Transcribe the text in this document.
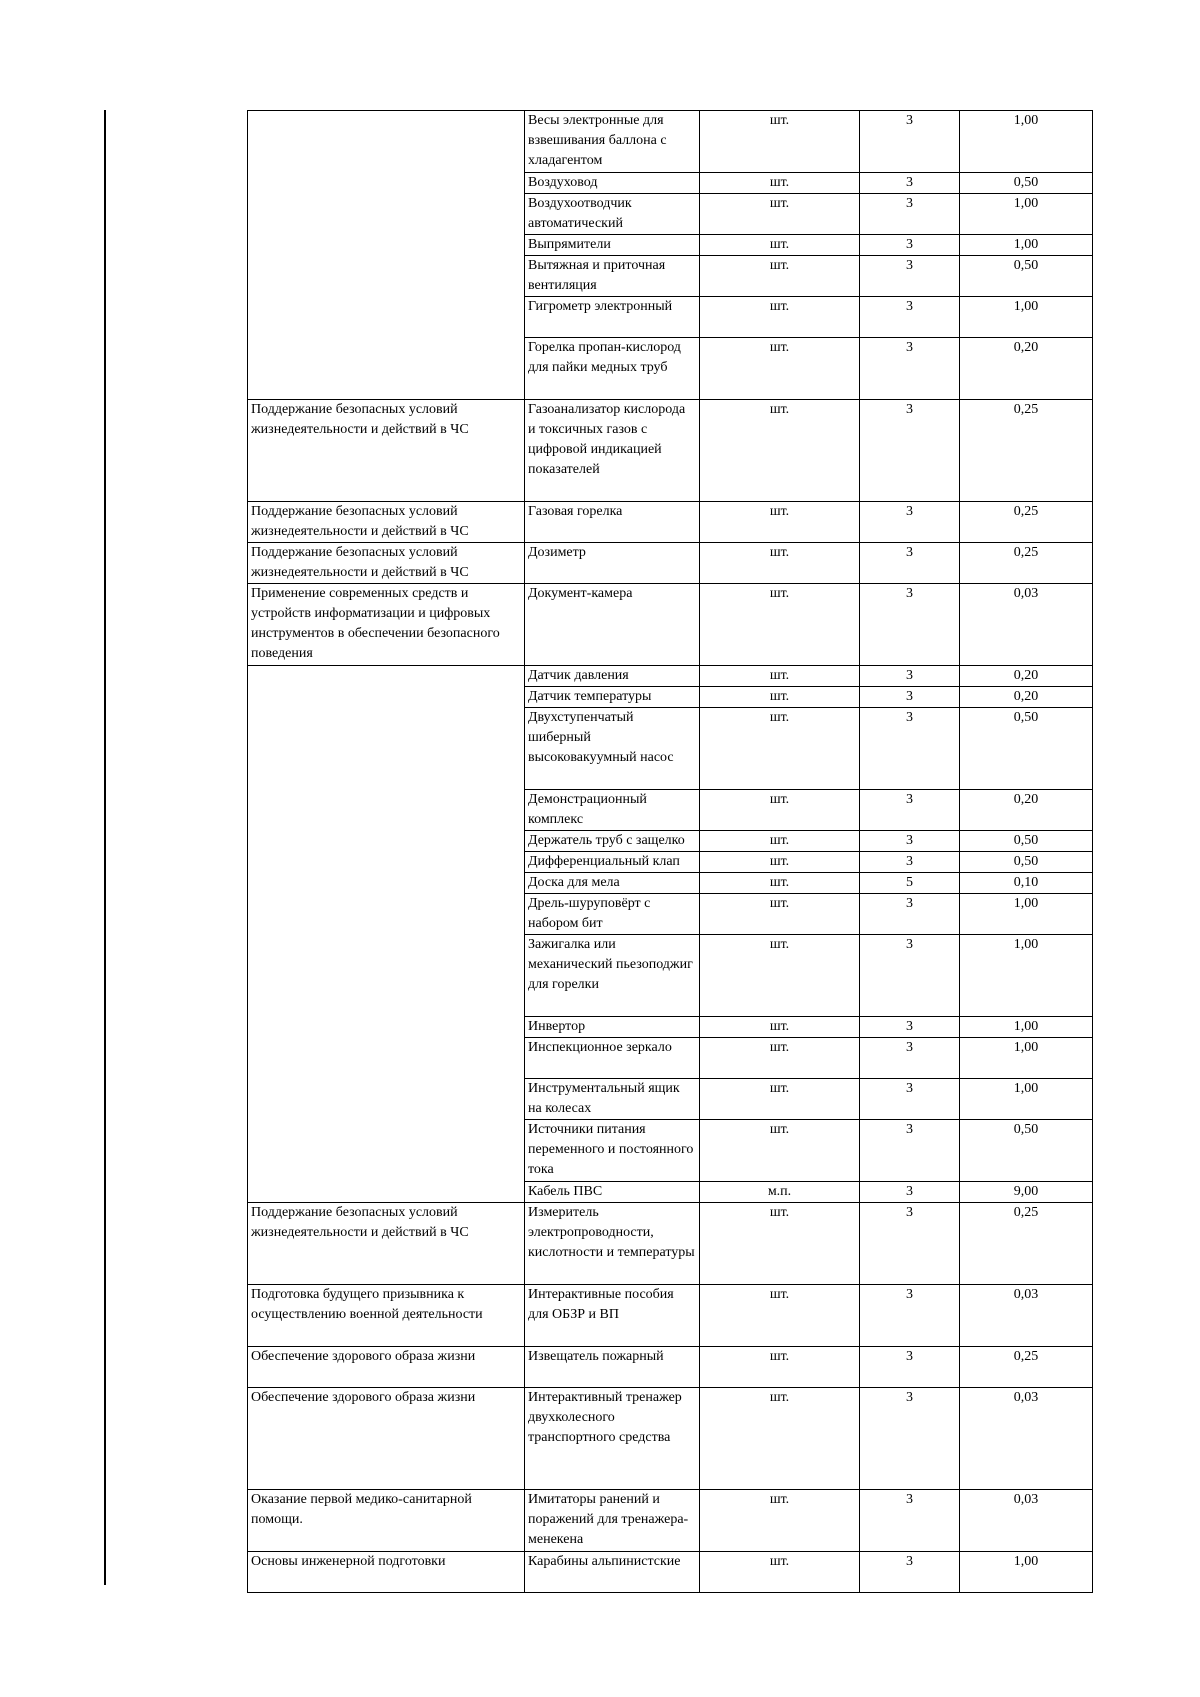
	Весы электронные для взвешивания баллона с хладагентом	шт.	3	1,00
	Воздуховод	шт.	3	0,50
	Воздухоотводчик автоматический	шт.	3	1,00
	Выпрямители	шт.	3	1,00
	Вытяжная и приточная вентиляция	шт.	3	0,50
	Гигрометр электронный	шт.	3	1,00
	Горелка пропан-кислород для пайки медных труб	шт.	3	0,20
Поддержание безопасных условий жизнедеятельности и действий в ЧС	Газоанализатор кислорода и токсичных газов с цифровой индикацией показателей	шт.	3	0,25
Поддержание безопасных условий жизнедеятельности и действий в ЧС	Газовая горелка	шт.	3	0,25
Поддержание безопасных условий жизнедеятельности и действий в ЧС	Дозиметр	шт.	3	0,25
Применение современных средств и устройств информатизации и цифровых инструментов в обеспечении безопасного поведения	Документ-камера	шт.	3	0,03
	Датчик давления	шт.	3	0,20
	Датчик температуры	шт.	3	0,20
	Двухступенчатый шиберный высоковакуумный насос	шт.	3	0,50
	Демонстрационный комплекс	шт.	3	0,20
	Держатель труб с защелко	шт.	3	0,50
	Дифференциальный клап	шт.	3	0,50
	Доска для мела	шт.	5	0,10
	Дрель-шуруповёрт с набором бит	шт.	3	1,00
	Зажигалка или механический пьезоподжиг для горелки	шт.	3	1,00
	Инвертор	шт.	3	1,00
	Инспекционное зеркало	шт.	3	1,00
	Инструментальный ящик на колесах	шт.	3	1,00
	Источники питания переменного и постоянного тока	шт.	3	0,50
	Кабель ПВС	м.п.	3	9,00

Поддержание безопасных условий жизнедеятельности и действий в ЧС	Измеритель электропроводности, кислотности и температуры	шт.	3	0,25

Подготовка будущего призывника к осуществлению военной деятельности	Интерактивные пособия для ОБЗР и ВП	шт.	3	0,03

Обеспечение здорового образа жизни	Извещатель пожарный	шт.	3	0,25
Обеспечение здорового образа жизни	Интерактивный тренажер двухколесного транспортного средства	шт.	3	0,03
Оказание первой медико-санитарной помощи.	Имитаторы ранений и поражений для тренажера-менекена	шт.	3	0,03

Основы инженерной подготовки	Карабины альпинистские	шт.	3	1,00
